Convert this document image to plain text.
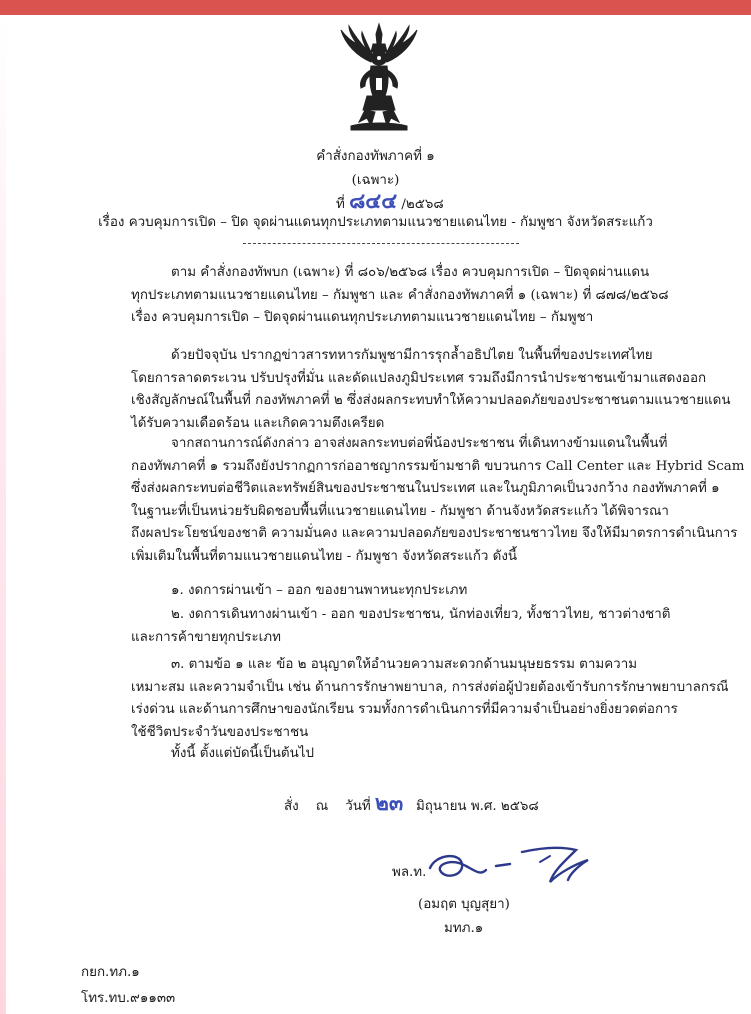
คำสั่งกองทัพภาคที่ ๑
(เฉพาะ)
ที่ ๘๔๔ /๒๕๖๘
เรื่อง ควบคุมการเปิด – ปิด จุดผ่านแดนทุกประเภทตามแนวชายแดนไทย - กัมพูชา จังหวัดสระแก้ว
ตาม คำสั่งกองทัพบก (เฉพาะ) ที่ ๘๐๖/๒๕๖๘ เรื่อง ควบคุมการเปิด – ปิดจุดผ่านแดน
ทุกประเภทตามแนวชายแดนไทย – กัมพูชา และ คำสั่งกองทัพภาคที่ ๑ (เฉพาะ) ที่ ๘๗๘/๒๕๖๘
เรื่อง ควบคุมการเปิด – ปิดจุดผ่านแดนทุกประเภทตามแนวชายแดนไทย – กัมพูชา
ด้วยปัจจุบัน ปรากฏข่าวสารทหารกัมพูชามีการรุกล้ำอธิปไตย ในพื้นที่ของประเทศไทย
โดยการลาดตระเวน ปรับปรุงที่มั่น และดัดแปลงภูมิประเทศ รวมถึงมีการนำประชาชนเข้ามาแสดงออก
เชิงสัญลักษณ์ในพื้นที่ กองทัพภาคที่ ๒ ซึ่งส่งผลกระทบทำให้ความปลอดภัยของประชาชนตามแนวชายแดน
ได้รับความเดือดร้อน และเกิดความตึงเครียด
จากสถานการณ์ดังกล่าว อาจส่งผลกระทบต่อพี่น้องประชาชน ที่เดินทางข้ามแดนในพื้นที่
กองทัพภาคที่ ๑ รวมถึงยังปรากฏการก่ออาชญากรรมข้ามชาติ ขบวนการ Call Center และ Hybrid Scam
ซึ่งส่งผลกระทบต่อชีวิตและทรัพย์สินของประชาชนในประเทศ และในภูมิภาคเป็นวงกว้าง กองทัพภาคที่ ๑
ในฐานะที่เป็นหน่วยรับผิดชอบพื้นที่แนวชายแดนไทย - กัมพูชา ด้านจังหวัดสระแก้ว ได้พิจารณา
ถึงผลประโยชน์ของชาติ ความมั่นคง และความปลอดภัยของประชาชนชาวไทย จึงให้มีมาตรการดำเนินการ
เพิ่มเติมในพื้นที่ตามแนวชายแดนไทย - กัมพูชา จังหวัดสระแก้ว ดังนี้
๑. งดการผ่านเข้า – ออก ของยานพาหนะทุกประเภท
๒. งดการเดินทางผ่านเข้า - ออก ของประชาชน, นักท่องเที่ยว, ทั้งชาวไทย, ชาวต่างชาติ
และการค้าขายทุกประเภท
๓. ตามข้อ ๑ และ ข้อ ๒ อนุญาตให้อำนวยความสะดวกด้านมนุษยธรรม ตามความ
เหมาะสม และความจำเป็น เช่น ด้านการรักษาพยาบาล, การส่งต่อผู้ป่วยต้องเข้ารับการรักษาพยาบาลกรณี
เร่งด่วน และด้านการศึกษาของนักเรียน รวมทั้งการดำเนินการที่มีความจำเป็นอย่างยิ่งยวดต่อการ
ใช้ชีวิตประจำวันของประชาชน
ทั้งนี้ ตั้งแต่บัดนี้เป็นต้นไป
สั่ง ณ วันที่ ๒๓ มิถุนายน พ.ศ. ๒๕๖๘
พล.ท.
(อมฤต บุญสุยา)
มทภ.๑
กยก.ทภ.๑
โทร.ทบ.๙๑๑๓๓
